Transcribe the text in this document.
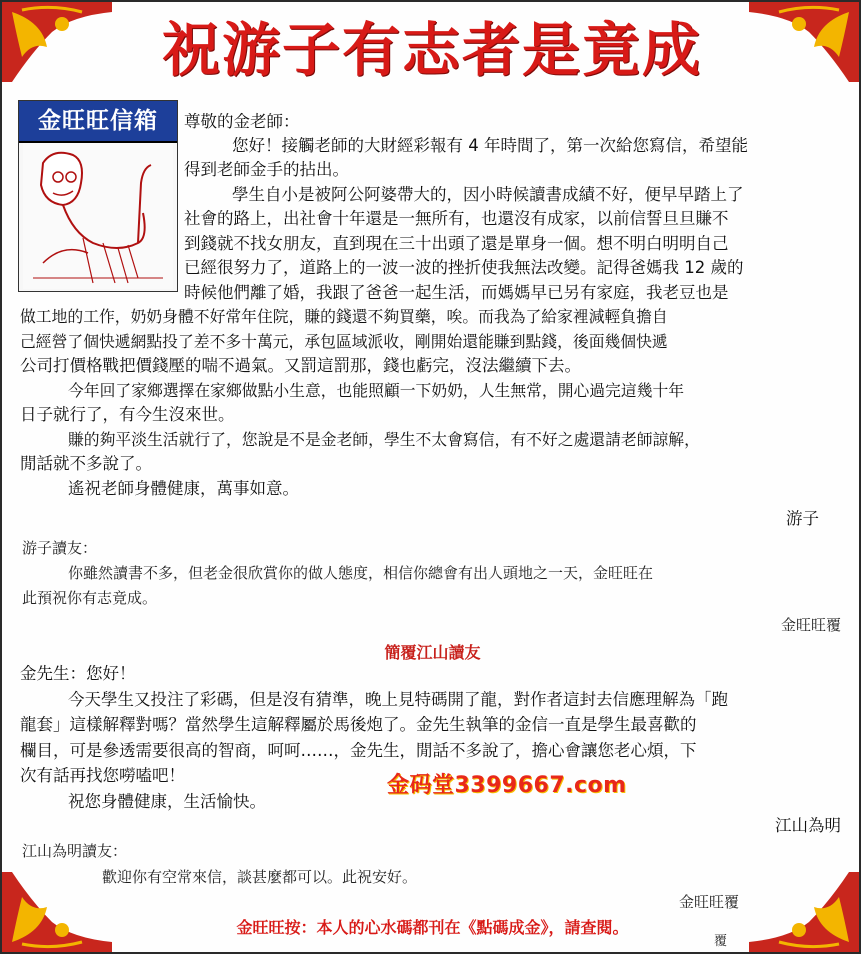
祝游子有志者是竟成
金旺旺信箱	尊敬的金老師：
您好！接觸老師的大財經彩報有 4 年時間了，第一次給您寫信，希望能
得到老師金手的拈出。
學生自小是被阿公阿婆帶大的，因小時候讀書成績不好，便早早踏上了
社會的路上，出社會十年還是一無所有，也還沒有成家，以前信誓旦旦賺不
到錢就不找女朋友，直到現在三十出頭了還是單身一個。想不明白明明自己
已經很努力了，道路上的一波一波的挫折使我無法改變。記得爸媽我 12 歲的
時候他們離了婚，我跟了爸爸一起生活，而媽媽早已另有家庭，我老豆也是
做工地的工作，奶奶身體不好常年住院，賺的錢還不夠買藥，唉。而我為了給家裡減輕負擔自
己經營了個快遞網點投了差不多十萬元，承包區域派收，剛開始還能賺到點錢，後面幾個快遞
公司打價格戰把價錢壓的喘不過氣。又罰這罰那，錢也虧完，沒法繼續下去。
今年回了家鄉選擇在家鄉做點小生意，也能照顧一下奶奶，人生無常，開心過完這幾十年
日子就行了，有今生沒來世。
賺的夠平淡生活就行了，您說是不是金老師，學生不太會寫信，有不好之處還請老師諒解，
閒話就不多說了。
遙祝老師身體健康，萬事如意。
游子
游子讀友：
你雖然讀書不多，但老金很欣賞你的做人態度，相信你總會有出人頭地之一天，金旺旺在
此預祝你有志竟成。
金旺旺覆
簡覆江山讀友
金先生：您好！
今天學生又投注了彩碼，但是沒有猜準，晚上見特碼開了龍，對作者這封去信應理解為「跑
龍套」這樣解釋對嗎？當然學生這解釋屬於馬後炮了。金先生執筆的金信一直是學生最喜歡的
欄目，可是參透需要很高的智商，呵呵……，金先生，閒話不多說了，擔心會讓您老心煩，下
次有話再找您嘮嗑吧！
祝您身體健康，生活愉快。
江山為明
金码堂3399667.com
江山為明讀友：
歡迎你有空常來信，談甚麼都可以。此祝安好。
金旺旺覆
金旺旺按：本人的心水碼都刊在《點碼成金》，請查閱。
覆
